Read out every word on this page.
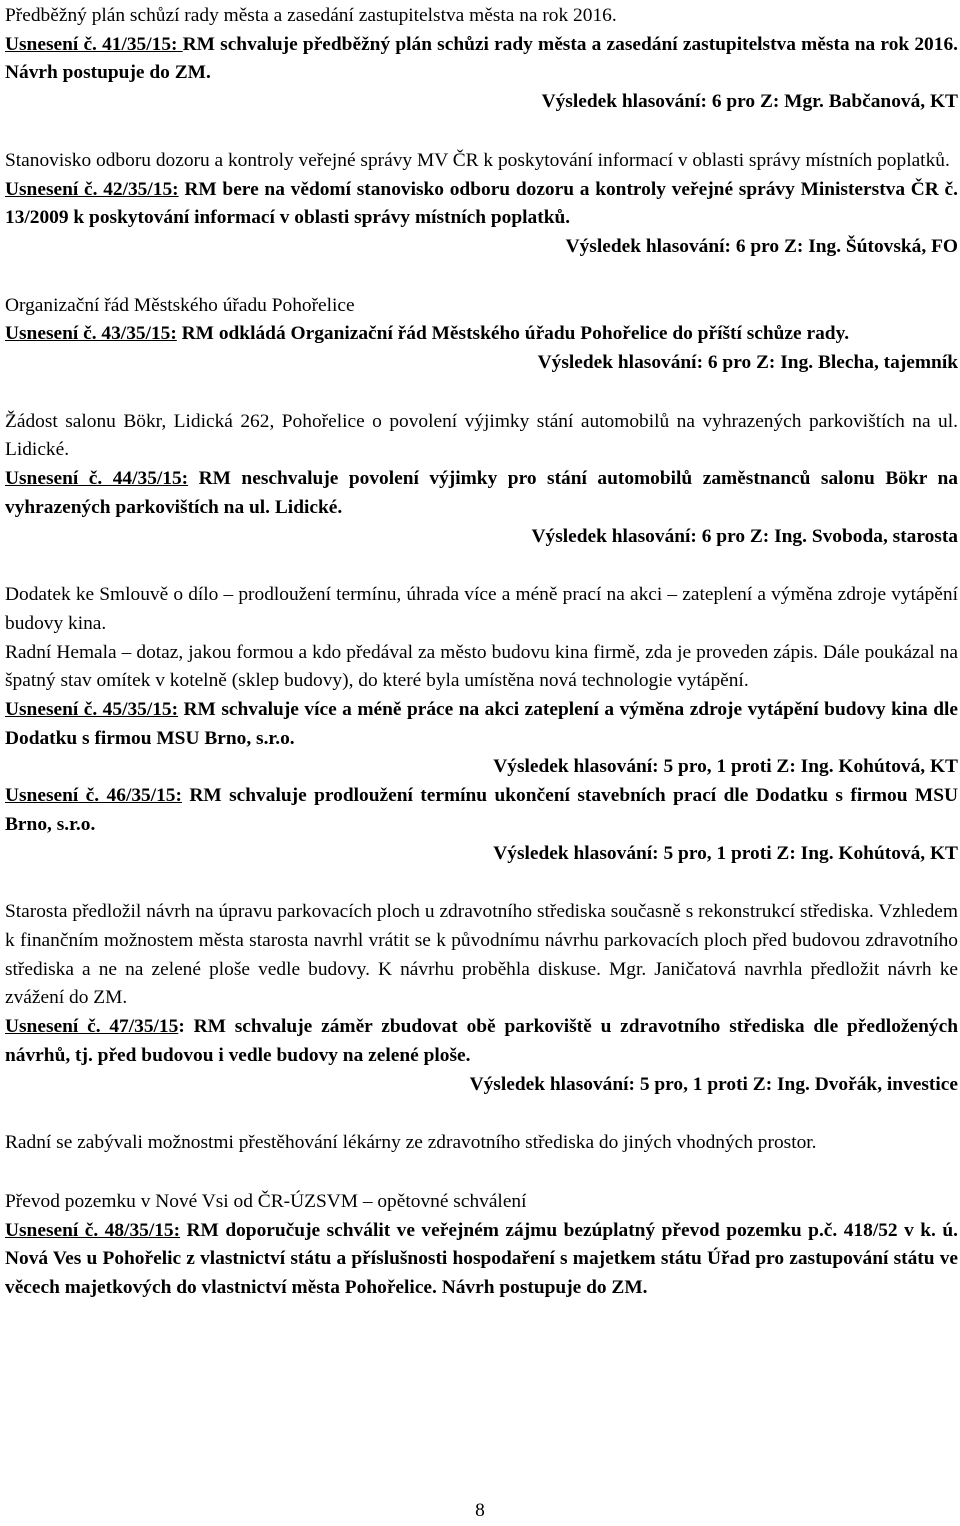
Předběžný plán schůzí rady města a zasedání zastupitelstva města na rok 2016.

Usnesení č. 41/35/15: RM schvaluje předběžný plán schůzi rady města a zasedání zastupitelstva města na rok 2016. Návrh postupuje do ZM.

Výsledek hlasování: 6 pro Z: Mgr. Babčanová, KT

Stanovisko odboru dozoru a kontroly veřejné správy MV ČR k poskytování informací v oblasti správy místních poplatků.

Usnesení č. 42/35/15: RM bere na vědomí stanovisko odboru dozoru a kontroly veřejné správy Ministerstva ČR č. 13/2009 k poskytování informací v oblasti správy místních poplatků.

Výsledek hlasování: 6 pro Z: Ing. Šútovská, FO

Organizační řád Městského úřadu Pohořelice

Usnesení č. 43/35/15: RM odkládá Organizační řád Městského úřadu Pohořelice do příští schůze rady.

Výsledek hlasování: 6 pro Z: Ing. Blecha, tajemník

Žádost salonu Bökr, Lidická 262, Pohořelice o povolení výjimky stání automobilů na vyhrazených parkovištích na ul. Lidické.

Usnesení č. 44/35/15: RM neschvaluje povolení výjimky pro stání automobilů zaměstnanců salonu Bökr na vyhrazených parkovištích na ul. Lidické.

Výsledek hlasování: 6 pro Z: Ing. Svoboda, starosta

Dodatek ke Smlouvě o dílo – prodloužení termínu, úhrada více a méně prací na akci – zateplení a výměna zdroje vytápění budovy kina.

Radní Hemala – dotaz, jakou formou a kdo předával za město budovu kina firmě, zda je proveden zápis. Dále poukázal na špatný stav omítek v kotelně (sklep budovy), do které byla umístěna nová technologie vytápění.

Usnesení č. 45/35/15: RM schvaluje více a méně práce na akci zateplení a výměna zdroje vytápění budovy kina dle Dodatku s firmou MSU Brno, s.r.o.

Výsledek hlasování: 5 pro, 1 proti Z: Ing. Kohútová, KT

Usnesení č. 46/35/15: RM schvaluje prodloužení termínu ukončení stavebních prací dle Dodatku s firmou MSU Brno, s.r.o.

Výsledek hlasování: 5 pro, 1 proti Z: Ing. Kohútová, KT

Starosta předložil návrh na úpravu parkovacích ploch u zdravotního střediska současně s rekonstrukcí střediska. Vzhledem k finančním možnostem města starosta navrhl vrátit se k původnímu návrhu parkovacích ploch před budovou zdravotního střediska a ne na zelené ploše vedle budovy. K návrhu proběhla diskuse. Mgr. Janičatová navrhla předložit návrh ke zvážení do ZM.

Usnesení č. 47/35/15: RM schvaluje záměr zbudovat obě parkoviště u zdravotního střediska dle předložených návrhů, tj. před budovou i vedle budovy na zelené ploše.

Výsledek hlasování: 5 pro, 1 proti Z: Ing. Dvořák, investice

Radní se zabývali možnostmi přestěhování lékárny ze zdravotního střediska do jiných vhodných prostor.

Převod pozemku v Nové Vsi od ČR-ÚZSVM – opětovné schválení

Usnesení č. 48/35/15: RM doporučuje schválit ve veřejném zájmu bezúplatný převod pozemku p.č. 418/52 v k. ú. Nová Ves u Pohořelic z vlastnictví státu a příslušnosti hospodaření s majetkem státu Úřad pro zastupování státu ve věcech majetkových do vlastnictví města Pohořelice. Návrh postupuje do ZM.

8
